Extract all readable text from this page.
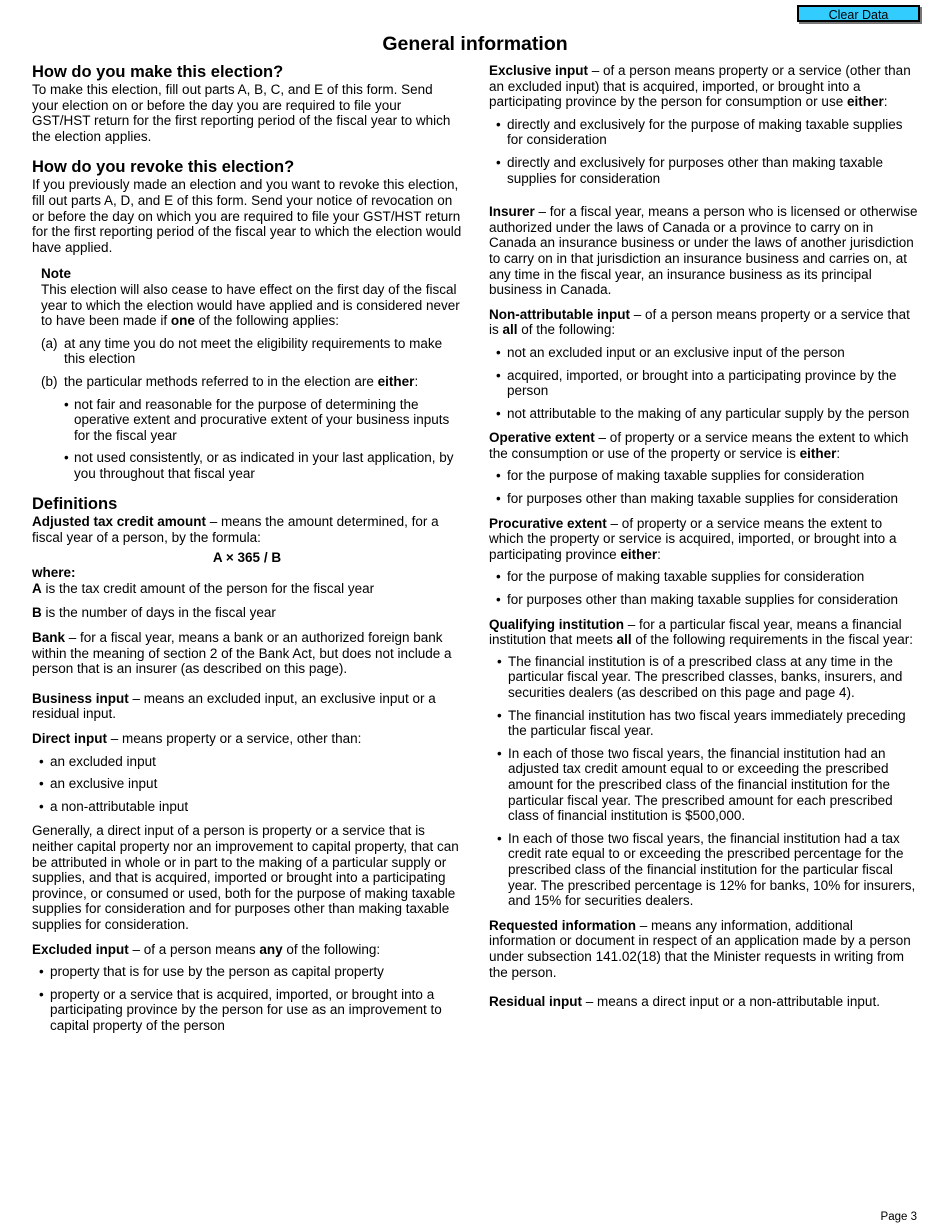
Clear Data
General information
How do you make this election?

To make this election, fill out parts A, B, C, and E of this form. Send your election on or before the day you are required to file your GST/HST return for the first reporting period of the fiscal year to which the election applies.

How do you revoke this election?

If you previously made an election and you want to revoke this election, fill out parts A, D, and E of this form. Send your notice of revocation on or before the day on which you are required to file your GST/HST return for the first reporting period of the fiscal year to which the election would have applied.

Note

This election will also cease to have effect on the first day of the fiscal year to which the election would have applied and is considered never to have been made if one of the following applies:

(a) at any time you do not meet the eligibility requirements to make this election
(b) the particular methods referred to in the election are either:
• not fair and reasonable for the purpose of determining the operative extent and procurative extent of your business inputs for the fiscal year
• not used consistently, or as indicated in your last application, by you throughout that fiscal year
Definitions

Adjusted tax credit amount – means the amount determined, for a fiscal year of a person, by the formula:

A × 365 / B
where:

A is the tax credit amount of the person for the fiscal year

B is the number of days in the fiscal year

Bank – for a fiscal year, means a bank or an authorized foreign bank within the meaning of section 2 of the Bank Act, but does not include a person that is an insurer (as described on this page).

Business input – means an excluded input, an exclusive input or a residual input.

Direct input – means property or a service, other than:

• an excluded input
• an exclusive input
• a non-attributable input

Generally, a direct input of a person is property or a service that is neither capital property nor an improvement to capital property, that can be attributed in whole or in part to the making of a particular supply or supplies, and that is acquired, imported or brought into a participating province, or consumed or used, both for the purpose of making taxable supplies for consideration and for purposes other than making taxable supplies for consideration.

Excluded input – of a person means any of the following:

• property that is for use by the person as capital property
• property or a service that is acquired, imported, or brought into a participating province by the person for use as an improvement to capital property of the person

Exclusive input – of a person means property or a service (other than an excluded input) that is acquired, imported, or brought into a participating province by the person for consumption or use either:

• directly and exclusively for the purpose of making taxable supplies for consideration
• directly and exclusively for purposes other than making taxable supplies for consideration

Insurer – for a fiscal year, means a person who is licensed or otherwise authorized under the laws of Canada or a province to carry on in Canada an insurance business or under the laws of another jurisdiction to carry on in that jurisdiction an insurance business and carries on, at any time in the fiscal year, an insurance business as its principal business in Canada.

Non-attributable input – of a person means property or a service that is all of the following:

• not an excluded input or an exclusive input of the person
• acquired, imported, or brought into a participating province by the person
• not attributable to the making of any particular supply by the person

Operative extent – of property or a service means the extent to which the consumption or use of the property or service is either:

• for the purpose of making taxable supplies for consideration
• for purposes other than making taxable supplies for consideration

Procurative extent – of property or a service means the extent to which the property or service is acquired, imported, or brought into a participating province either:

• for the purpose of making taxable supplies for consideration
• for purposes other than making taxable supplies for consideration

Qualifying institution – for a particular fiscal year, means a financial institution that meets all of the following requirements in the fiscal year:

• The financial institution is of a prescribed class at any time in the particular fiscal year. The prescribed classes, banks, insurers, and securities dealers (as described on this page and page 4).
• The financial institution has two fiscal years immediately preceding the particular fiscal year.
• In each of those two fiscal years, the financial institution had an adjusted tax credit amount equal to or exceeding the prescribed amount for the prescribed class of the financial institution for the particular fiscal year. The prescribed amount for each prescribed class of financial institution is $500,000.
• In each of those two fiscal years, the financial institution had a tax credit rate equal to or exceeding the prescribed percentage for the prescribed class of the financial institution for the particular fiscal year. The prescribed percentage is 12% for banks, 10% for insurers, and 15% for securities dealers.

Requested information – means any information, additional information or document in respect of an application made by a person under subsection 141.02(18) that the Minister requests in writing from the person.

Residual input – means a direct input or a non-attributable input.

Page 3
